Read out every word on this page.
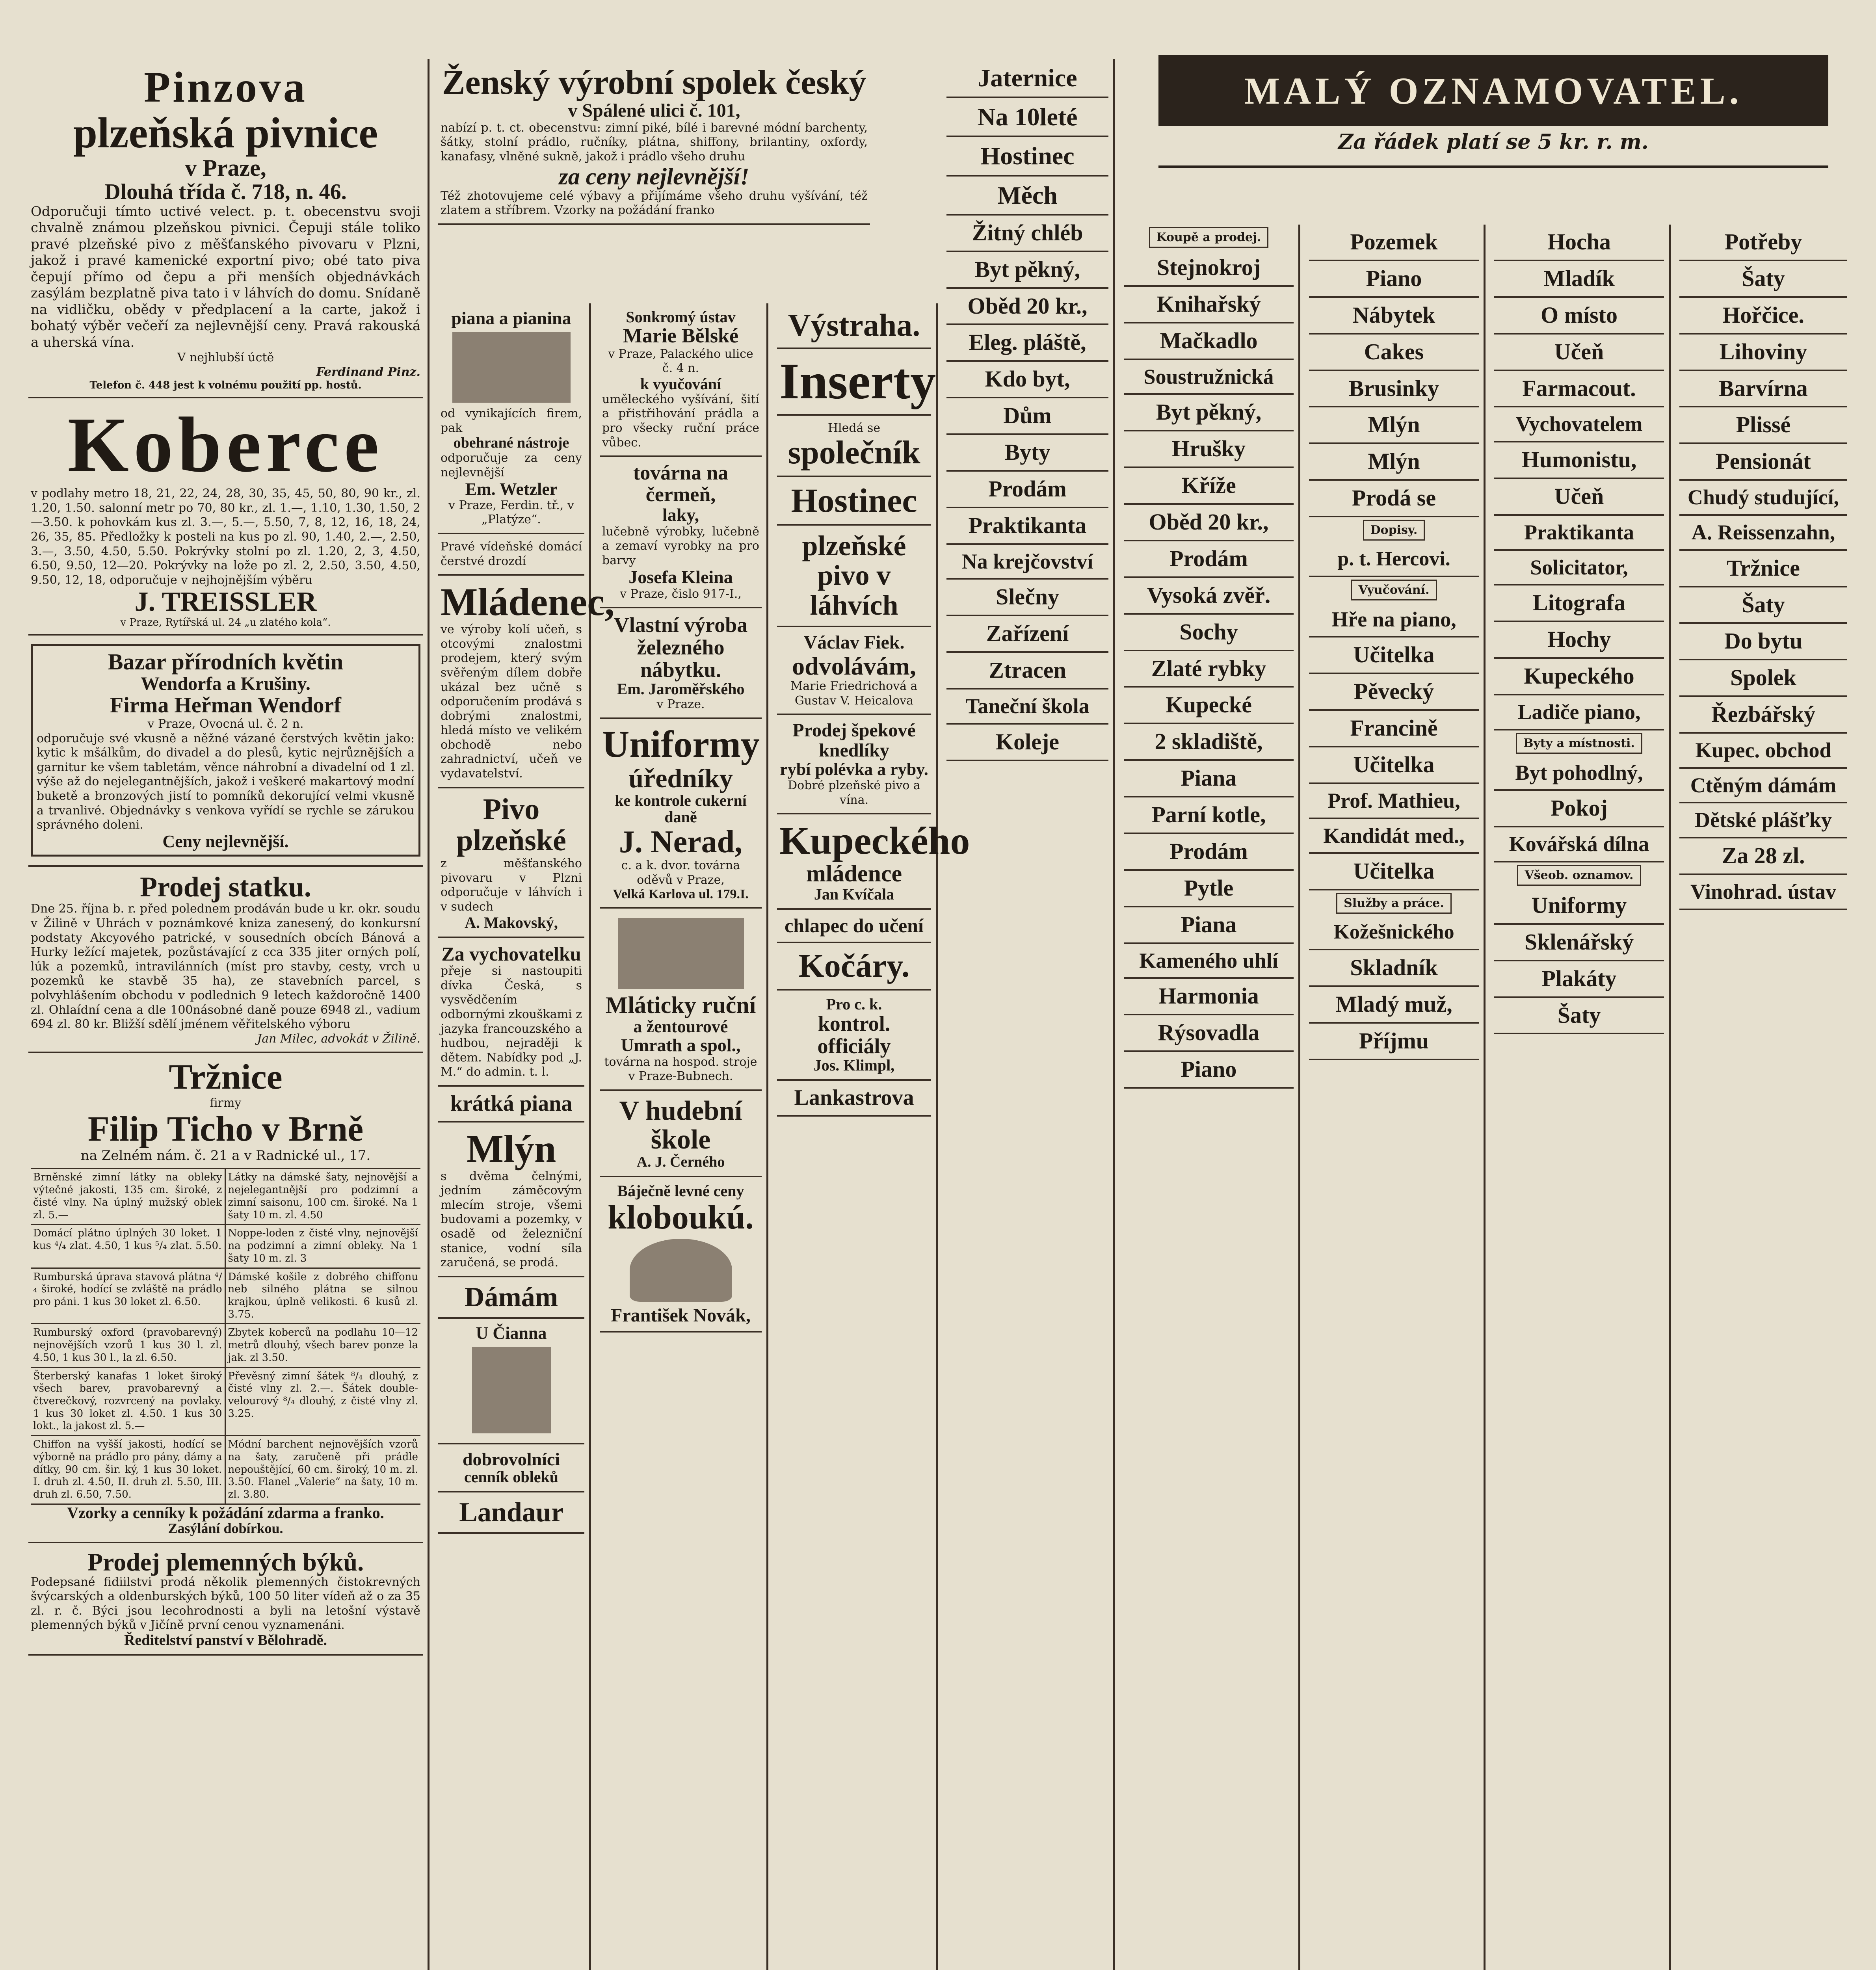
MALÝ OZNAMOVATEL.
Za řádek platí se 5 kr. r. m.
Pinzova
plzeňská pivnice
v Praze,
Dlouhá třída č. 718, n. 46.
Odporučuji tímto uctivé velect. p. t. obecenstvu svoji chvalně známou plzeňskou pivnici. Čepuji stále toliko pravé plzeňské pivo z měšťanského pivovaru v Plzni, jakož i pravé kamenické exportní pivo; obé tato piva čepují přímo od čepu a při menších objednávkách zasýlám bezplatně piva tato i v láhvích do domu. Snídaně na vidličku, obědy v předplacení a la carte, jakož i bohatý výběr večeří za nejlevnější ceny. Pravá rakouská a uherská vína.
V nejhlubší úctě
Ferdinand Pinz.
Telefon č. 448 jest k volnému použití pp. hostů.
Koberce
v podlahy metro 18, 21, 22, 24, 28, 30, 35, 45, 50, 80, 90 kr., zl. 1.20, 1.50. salonní metr po 70, 80 kr., zl. 1.—, 1.10, 1.30, 1.50, 2—3.50. k pohovkám kus zl. 3.—, 5.—, 5.50, 7, 8, 12, 16, 18, 24, 26, 35, 85. Předložky k posteli na kus po zl. 90, 1.40, 2.—, 2.50, 3.—, 3.50, 4.50, 5.50. Pokrývky stolní po zl. 1.20, 2, 3, 4.50, 6.50, 9.50, 12—20. Pokrývky na lože po zl. 2, 2.50, 3.50, 4.50, 9.50, 12, 18, odporučuje v nejhojnějším výběru
J. TREISSLER
v Praze, Rytířská ul. 24 „u zlatého kola“.
Bazar přírodních květin
Wendorfa a Krušiny.
Firma Heřman Wendorf
v Praze, Ovocná ul. č. 2 n.
odporučuje své vkusně a něžné vázané čerstvých květin jako: kytic k mšálkům, do divadel a do plesů, kytic nejrůznějších a garnitur ke všem tabletám, věnce náhrobní a divadelní od 1 zl. výše až do nejelegantnějších, jakož i veškeré makartový modní buketě a bronzových jistí to pomníků dekorující velmi vkusně a trvanlivé. Objednávky s venkova vyřídí se rychle se zárukou správného doleni.
Ceny nejlevnější.
Prodej statku.
Dne 25. října b. r. před polednem prodáván bude u kr. okr. soudu v Žilině v Uhrách v poznámkové kniza zanesený, do konkursní podstaty Akcyového patrické, v sousedních obcích Bánová a Hurky ležící majetek, pozůstávající z cca 335 jiter orných polí, lúk a pozemků, intravilánních (míst pro stavby, cesty, vrch u pozemků ke stavbě 35 ha), ze stavebních parcel, s polvyhlášením obchodu v podlednich 9 letech každoročně 1400 zl. Ohlaídní cena a dle 100násobné daně pouze 6948 zl., vadium 694 zl. 80 kr. Bližší sdělí jménem věřitelského výboru
Jan Milec, advokát v Žilině.
Tržnice
firmy
Filip Ticho v Brně
na Zelném nám. č. 21 a v Radnické ul., 17.
Brněnské zimní látky na obleky výtečné jakosti, 135 cm. široké, z čisté vlny. Na úplný mužský oblek zl. 5.—
Látky na dámské šaty, nejnovější a nejelegantnější pro podzimní a zimní saisonu, 100 cm. široké. Na 1 šaty 10 m. zl. 4.50
Domácí plátno úplných 30 loket. 1 kus ⁴/₄ zlat. 4.50, 1 kus ⁵/₄ zlat. 5.50.
Noppe-loden z čisté vlny, nejnovější na podzimní a zimní obleky. Na 1 šaty 10 m. zl. 3
Rumburská úprava stavová plátna ⁴/₄ široké, hodící se zvláště na prádlo pro páni. 1 kus 30 loket zl. 6.50.
Dámské košile z dobrého chiffonu neb silného plátna se silnou krajkou, úplně velikosti. 6 kusů zl. 3.75.
Rumburský oxford (pravobarevný) nejnovějších vzorů 1 kus 30 l. zl. 4.50, 1 kus 30 l., la zl. 6.50.
Zbytek koberců na podlahu 10—12 metrů dlouhý, všech barev ponze la jak. zl 3.50.
Šterberský kanafas 1 loket široký všech barev, pravobarevný a čtverečkový, rozvrcený na povlaky. 1 kus 30 loket zl. 4.50. 1 kus 30 lokt., la jakost zl. 5.—
Převěsný zimní šátek ⁸/₄ dlouhý, z čisté vlny zl. 2.—. Šátek double-velourový ⁸/₄ dlouhý, z čisté vlny zl. 3.25.
Chiffon na vyšší jakosti, hodící se výborně na prádlo pro pány, dámy a dítky, 90 cm. šir. ký, 1 kus 30 loket. I. druh zl. 4.50, II. druh zl. 5.50, III. druh zl. 6.50, 7.50.
Módní barchent nejnovějších vzorů na šaty, zaručeně při prádle nepouštějící, 60 cm. široký, 10 m. zl. 3.50. Flanel „Valerie“ na šaty, 10 m. zl. 3.80.
Vzorky a cenníky k požádání zdarma a franko.
Zasýlání dobírkou.
Prodej plemenných býků.
Podepsané fidiilstvi prodá několik plemenných čistokrevných švýcarských a oldenburských býků, 100 50 liter vídeň až o za 35 zl. r. č. Býci jsou lecohrodnosti a byli na letošní výstavě plemenných býků v Jičíně první cenou vyznamenáni.
Ředitelství panství v Bělohradě.
Ženský výrobní spolek český
v Spálené ulici č. 101,
nabízí p. t. ct. obecenstvu: zimní piké, bílé i barevné módní barchenty, šátky, stolní prádlo, ručníky, plátna, shiffony, brilantiny, oxfordy, kanafasy, vlněné sukně, jakož i prádlo všeho druhu
za ceny nejlevnější!
Též zhotovujeme celé výbavy a přijímáme všeho druhu vyšívání, též zlatem a stříbrem. Vzorky na požádání franko
piana a pianina
od vynikajících firem, pak
obehrané nástroje
odporučuje za ceny nejlevnější
Em. Wetzler
v Praze, Ferdin. tř., v „Platýze“.
Pravé vídeňské domácí čerstvé drozdí
Mládenec,
ve výroby kolí učeň, s otcovými znalostmi prodejem, který svým svěřeným dílem dobře ukázal bez učně s odporučením prodává s dobrými znalostmi, hledá místo ve velikém obchodě nebo zahradnictví, učeň ve vydavatelství.
Pivo plzeňské
z měšťanského pivovaru v Plzni odporučuje v láhvích i v sudech
A. Makovský,
Za vychovatelku
přeje si nastoupiti dívka Česká, s vysvědčením odbornými zkouškami z jazyka francouzského a hudbou, nejraději k dětem. Nabídky pod „J. M.“ do admin. t. l.
krátká piana
Mlýn
s dvěma čelnými, jedním záměcovým mlecím stroje, všemi budovami a pozemky, v osadě od železniční stanice, vodní síla zaručená, se prodá.
Dámám
U Čianna
dobrovolníci
cenník obleků
Landaur
Sonkromý ústav
Marie Bělské
v Praze, Palackého ulice č. 4 n.
k vyučování
uměleckého vyšívání, šití a přistřihování prádla a pro všecky ruční práce vůbec.
továrna na čermeň,
laky,
lučebně výrobky, lučebně a zemaví vyrobky na pro barvy
Josefa Kleina
v Praze, čislo 917-I.,
Vlastní výroba železného nábytku.
Em. Jaroměřského
v Praze.
Uniformy
úředníky
ke kontrole cukerní daně
J. Nerad,
c. a k. dvor. továrna oděvů v Praze,
Velká Karlova ul. 179.I.
Mláticky ruční
a žentourové
Umrath a spol.,
továrna na hospod. stroje v Praze-Bubnech.
V hudební škole
A. J. Černého
Báječně levné ceny
kloboukú.
František Novák,
Výstraha.
Inserty
Hledá se
společník
Hostinec
plzeňské pivo v láhvích
Václav Fiek.
odvolávám,
Marie Friedrichová a Gustav V. Heicalova
Prodej špekové knedlíky
rybí polévka a ryby.
Dobré plzeňské pivo a vína.
Kupeckého
mládence
Jan Kvíčala
chlapec do učení
Kočáry.
Pro c. k.
kontrol. officiály
Jos. Klimpl,
Lankastrova
Jaternice
Na 10leté
Hostinec
Měch
Žitný chléb
Byt pěkný,
Oběd 20 kr.,
Eleg. pláště,
Kdo byt,
Dům
Byty
Prodám
Praktikanta
Na krejčovství
Slečny
Zařízení
Ztracen
Taneční škola
Koleje
Koupě a prodej.
Stejnokroj
Knihařský
Mačkadlo
Soustružnická
Byt pěkný,
Hrušky
Kříže
Oběd 20 kr.,
Prodám
Vysoká zvěř.
Sochy
Zlaté rybky
Kupecké
2 skladiště,
Piana
Parní kotle,
Prodám
Pytle
Piana
Kameného uhlí
Harmonia
Rýsovadla
Piano
Pozemek
Piano
Nábytek
Cakes
Brusinky
Mlýn
Mlýn
Prodá se
Dopisy.
p. t. Hercovi.
Vyučování.
Hře na piano,
Učitelka
Pěvecký
Francině
Učitelka
Prof. Mathieu,
Kandidát med.,
Učitelka
Služby a práce.
Kožešnického
Skladník
Mladý muž,
Příjmu
Hocha
Mladík
O místo
Učeň
Farmacout.
Vychovatelem
Humonistu,
Učeň
Praktikanta
Solicitator,
Litografa
Hochy
Kupeckého
Ladiče piano,
Byty a místnosti.
Byt pohodlný,
Pokoj
Kovářská dílna
Všeob. oznamov.
Uniformy
Sklenářský
Plakáty
Šaty
Potřeby
Šaty
Hořčice.
Lihoviny
Barvírna
Plissé
Pensionát
Chudý studující,
A. Reissenzahn,
Tržnice
Šaty
Do bytu
Spolek
Řezbářský
Kupec. obchod
Ctěným dámám
Dětské plášťky
Za 28 zl.
Vinohrad. ústav
